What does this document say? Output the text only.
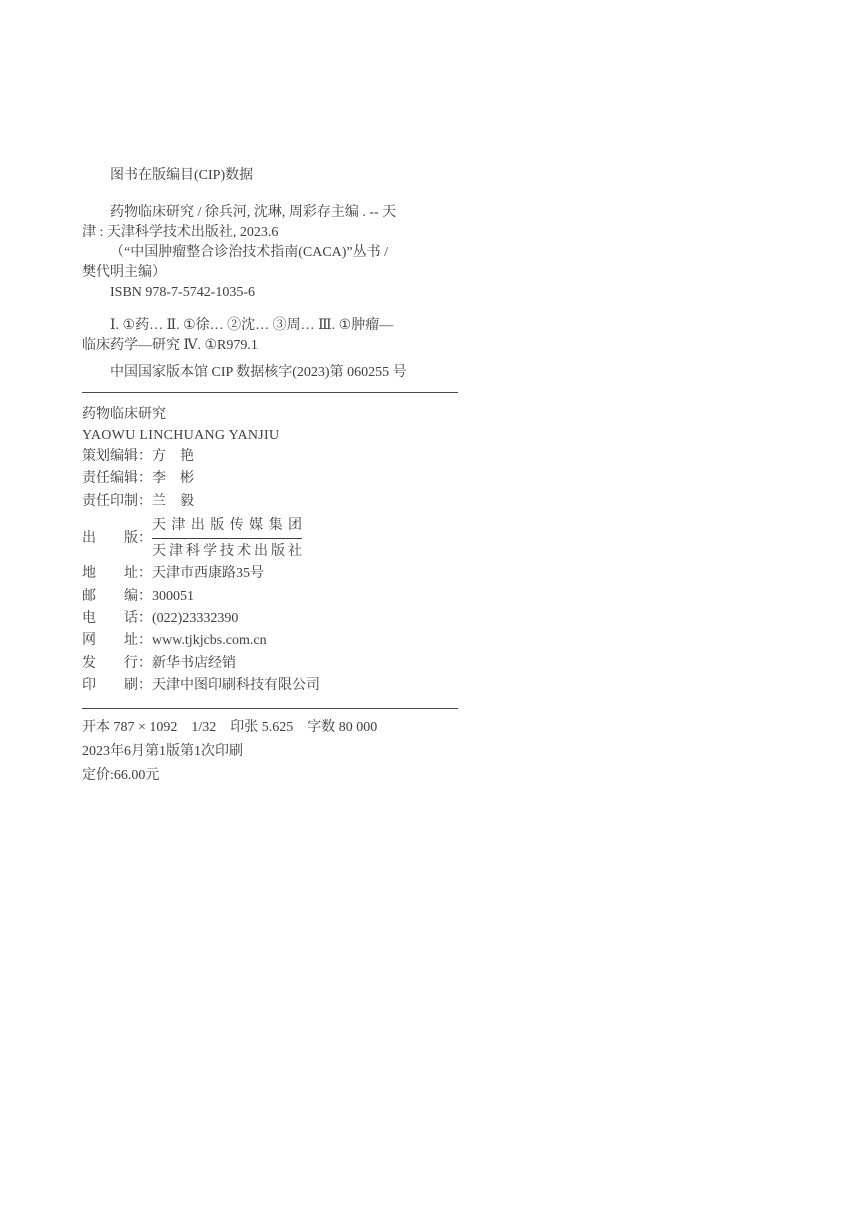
图书在版编目(CIP)数据
药物临床研究 / 徐兵河, 沈琳, 周彩存主编 . -- 天
津 : 天津科学技术出版社, 2023.6
（“中国肿瘤整合诊治技术指南(CACA)”丛书 /
樊代明主编）
ISBN 978-7-5742-1035-6
Ⅰ. ①药… Ⅱ. ①徐… ②沈… ③周… Ⅲ. ①肿瘤—
临床药学—研究 Ⅳ. ①R979.1
中国国家版本馆 CIP 数据核字(2023)第 060255 号
药物临床研究
YAOWU LINCHUANG YANJIU
策划编辑：方　艳
责任编辑：李　彬
责任印制：兰　毅
出　　版： $\frac{\text{天津出版传媒集团}}{\text{天津科学技术出版社}}$
地　　址：天津市西康路35号
邮　　编：300051
电　　话：(022)23332390
网　　址：www.tjkjcbs.com.cn
发　　行：新华书店经销
印　　刷：天津中图印刷科技有限公司
开本 787 × 1092　1/32　印张 5.625　字数 80 000
2023年6月第1版第1次印刷
定价:66.00元
